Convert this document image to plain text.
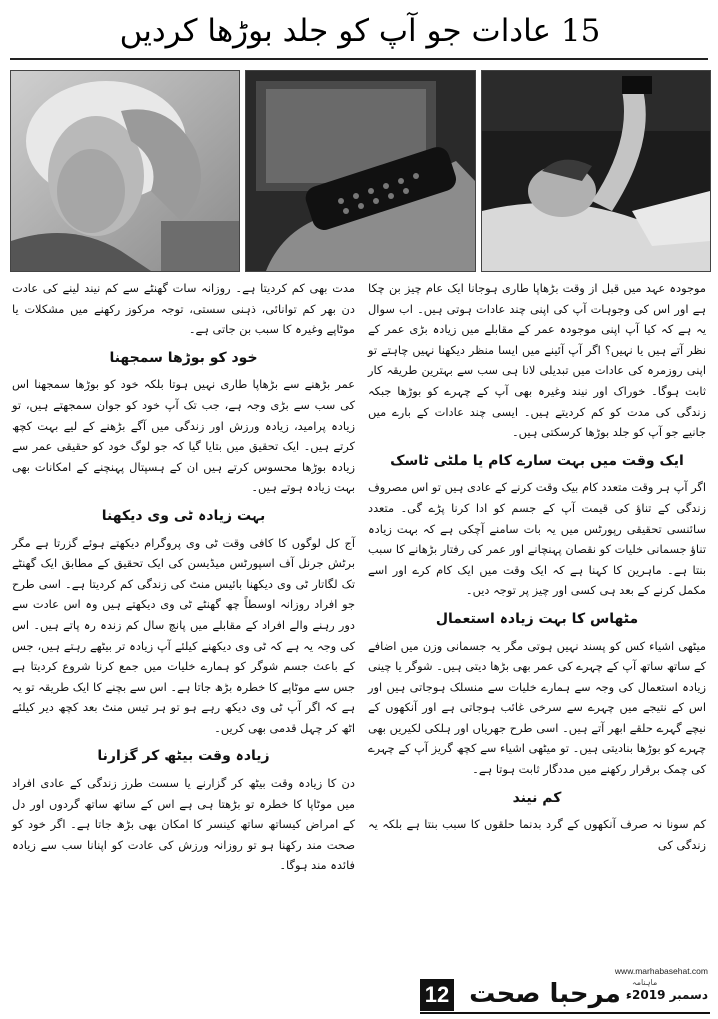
15 عادات جو آپ کو جلد بوڑھا کردیں

موجودہ عہد میں قبل از وقت بڑھاپا طاری ہوجانا ایک عام چیز بن چکا ہے اور اس کی وجوہات آپ کی اپنی چند عادات ہوتی ہیں۔ اب سوال یہ ہے کہ کیا آپ اپنی موجودہ عمر کے مقابلے میں زیادہ بڑی عمر کے نظر آتے ہیں یا نہیں؟ اگر آپ آئینے میں ایسا منظر دیکھنا نہیں چاہتے تو اپنی روزمرہ کی عادات میں تبدیلی لانا ہی سب سے بہترین طریقہ کار ثابت ہوگا۔ خوراک اور نیند وغیرہ بھی آپ کے چہرے کو بوڑھا جبکہ زندگی کی مدت کو کم کردیتے ہیں۔ ایسی چند عادات کے بارے میں جانیے جو آپ کو جلد بوڑھا کرسکتی ہیں۔

ایک وقت میں بہت سارے کام یا ملٹی ٹاسک

اگر آپ ہر وقت متعدد کام بیک وقت کرنے کے عادی ہیں تو اس مصروف زندگی کے تناؤ کی قیمت آپ کے جسم کو ادا کرنا پڑے گی۔ متعدد سائنسی تحقیقی رپورٹس میں یہ بات سامنے آچکی ہے کہ بہت زیادہ تناؤ جسمانی خلیات کو نقصان پہنچانے اور عمر کی رفتار بڑھانے کا سبب بنتا ہے۔ ماہرین کا کہنا ہے کہ ایک وقت میں ایک کام کرے اور اسے مکمل کرنے کے بعد ہی کسی اور چیز پر توجہ دیں۔

مٹھاس کا بہت زیادہ استعمال

میٹھی اشیاء کس کو پسند نہیں ہوتی مگر یہ جسمانی وزن میں اضافے کے ساتھ ساتھ آپ کے چہرے کی عمر بھی بڑھا دیتی ہیں۔ شوگر یا چینی زیادہ استعمال کی وجہ سے ہمارے خلیات سے منسلک ہوجاتی ہیں اور اس کے نتیجے میں چہرے سے سرخی غائب ہوجاتی ہے اور آنکھوں کے نیچے گہرے حلقے ابھر آتے ہیں۔ اسی طرح جھریاں اور ہلکی لکیریں بھی چہرے کو بوڑھا بنادیتی ہیں۔ تو میٹھی اشیاء سے کچھ گریز آپ کے چہرے کی چمک برقرار رکھنے میں مددگار ثابت ہوتا ہے۔

کم نیند

کم سونا نہ صرف آنکھوں کے گرد بدنما حلقوں کا سبب بنتا ہے بلکہ یہ زندگی کی

مدت بھی کم کردیتا ہے۔ روزانہ سات گھنٹے سے کم نیند لینے کی عادت دن بھر کم توانائی، ذہنی سستی، توجہ مرکوز رکھنے میں مشکلات یا موٹاپے وغیرہ کا سبب بن جاتی ہے۔

خود کو بوڑھا سمجھنا

عمر بڑھنے سے بڑھاپا طاری نہیں ہوتا بلکہ خود کو بوڑھا سمجھنا اس کی سب سے بڑی وجہ ہے، جب تک آپ خود کو جوان سمجھتے ہیں، تو زیادہ پرامید، زیادہ ورزش اور زندگی میں آگے بڑھنے کے لیے بہت کچھ کرتے ہیں۔ ایک تحقیق میں بتایا گیا کہ جو لوگ خود کو حقیقی عمر سے زیادہ بوڑھا محسوس کرتے ہیں ان کے ہسپتال پہنچنے کے امکانات بھی بہت زیادہ ہوتے ہیں۔

بہت زیادہ ٹی وی دیکھنا

آج کل لوگوں کا کافی وقت ٹی وی پروگرام دیکھتے ہوئے گزرتا ہے مگر برٹش جرنل آف اسپورٹس میڈیسن کی ایک تحقیق کے مطابق ایک گھنٹے تک لگاتار ٹی وی دیکھنا بائیس منٹ کی زندگی کم کردیتا ہے۔ اسی طرح جو افراد روزانہ اوسطاً چھ گھنٹے ٹی وی دیکھتے ہیں وہ اس عادت سے دور رہنے والے افراد کے مقابلے میں پانچ سال کم زندہ رہ پاتے ہیں۔ اس کی وجہ یہ ہے کہ ٹی وی دیکھنے کیلئے آپ زیادہ تر بیٹھے رہتے ہیں، جس کے باعث جسم شوگر کو ہمارے خلیات میں جمع کرنا شروع کردیتا ہے جس سے موٹاپے کا خطرہ بڑھ جاتا ہے۔ اس سے بچنے کا ایک طریقہ تو یہ ہے کہ اگر آپ ٹی وی دیکھ رہے ہو تو ہر تیس منٹ بعد کچھ دیر کیلئے اٹھ کر چہل قدمی بھی کریں۔

زیادہ وقت بیٹھ کر گزارنا

دن کا زیادہ وقت بیٹھ کر گزارنے یا سست طرز زندگی کے عادی افراد میں موٹاپا کا خطرہ تو بڑھتا ہی ہے اس کے ساتھ ساتھ گردوں اور دل کے امراض کیساتھ ساتھ کینسر کا امکان بھی بڑھ جاتا ہے۔ اگر خود کو صحت مند رکھنا ہو تو روزانہ ورزش کی عادت کو اپنانا سب سے زیادہ فائدہ مند ہوگا۔

www.marhabasehat.com
12 مرحبا صحت	ماہنامہ
دسمبر 2019ء
